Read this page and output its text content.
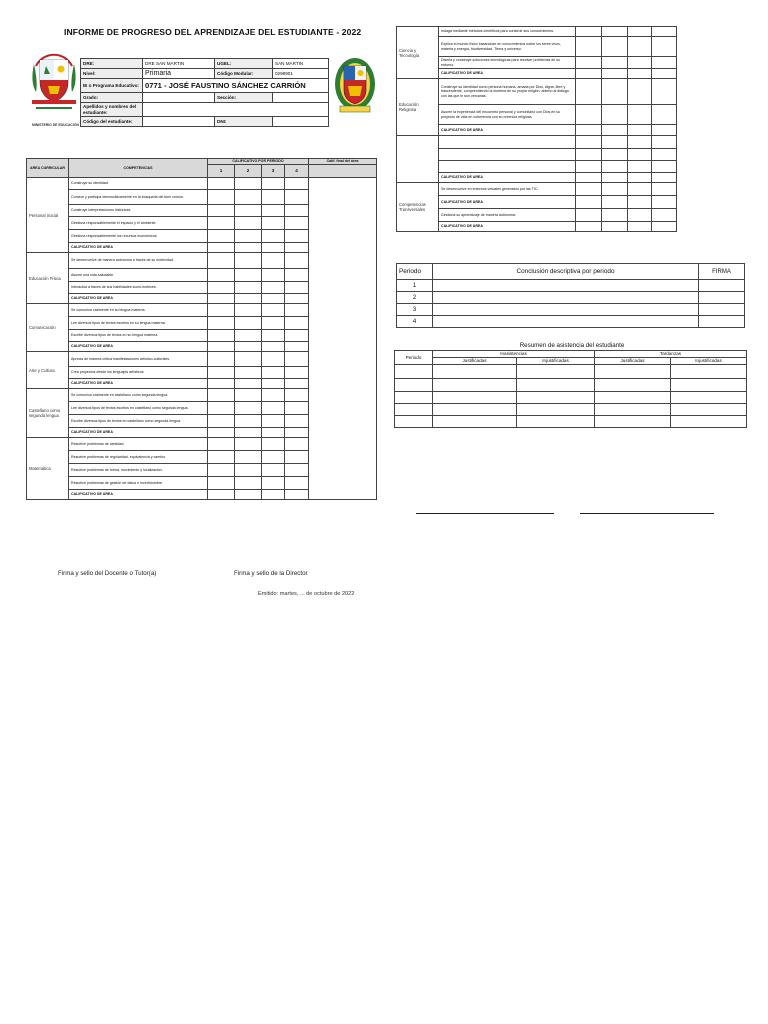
INFORME DE PROGRESO DEL APRENDIZAJE DEL ESTUDIANTE - 2022
MINISTERIO DE EDUCACIÓN
DRE:	DRE SAN MARTIN	UGEL:	SAN MARTIN
Nivel:	Primaria	Código Modular:	0298901
IE o Programa Educativo:	0771 - JOSÉ FAUSTINO SÁNCHEZ CARRIÓN		
Grado:		Sección:	
Apellidos y nombres del estudiante:			
Código del estudiante:		DNI:	
AREA CURRICULAR	COMPETENCIAS	CALIFICATIVO POR PERIODO				Calif. final del área
		1	2	3	4	
Personal Social	Construye su identidad.					
	Convive y participa democráticamente en la búsqueda del bien común.					
	Construye interpretaciones históricas.					
	Gestiona responsablemente el espacio y el ambiente.					
	Gestiona responsablemente los recursos económicos.					
	CALIFICATIVO DE AREA					
Educación Física	Se desenvuelve de manera autónoma a través de su motricidad.					
	Asume una vida saludable.					
	Interactúa a través de sus habilidades socio-motrices.					
	CALIFICATIVO DE AREA					
Comunicación	Se comunica oralmente en su lengua materna.					
	Lee diversos tipos de textos escritos en su lengua materna.					
	Escribe diversos tipos de textos en su lengua materna.					
	CALIFICATIVO DE AREA					
Arte y Cultura	Aprecia de manera crítica manifestaciones artístico-culturales.					
	Crea proyectos desde los lenguajes artísticos.					
	CALIFICATIVO DE AREA					
Castellano como segunda lengua	Se comunica oralmente en castellano como segunda lengua.					
	Lee diversos tipos de textos escritos en castellano como segunda lengua.					
	Escribe diversos tipos de textos en castellano como segunda lengua.					
	CALIFICATIVO DE AREA					
Matemática	Resuelve problemas de cantidad.					
	Resuelve problemas de regularidad, equivalencia y cambio.					
	Resuelve problemas de forma, movimiento y localización.					
	Resuelve problemas de gestión de datos e incertidumbre.					
	CALIFICATIVO DE AREA					
Ciencia y Tecnología	Indaga mediante métodos científicos para construir sus conocimientos.				
	Explica el mundo físico basándose en conocimientos sobre los seres vivos, materia y energía, biodiversidad, Tierra y universo.				
	Diseña y construye soluciones tecnológicas para resolver problemas de su entorno.				
	CALIFICATIVO DE AREA				
Educación Religiosa	Construye su identidad como persona humana, amada por Dios, digna, libre y trascendente, comprendiendo la doctrina de su propia religión, abierto al diálogo con las que le son cercanas.				
	Asume la experiencia del encuentro personal y comunitario con Dios en su proyecto de vida en coherencia con su creencia religiosa.				
	CALIFICATIVO DE AREA				

	CALIFICATIVO DE AREA				
Competencias Transversales	Se desenvuelve en entornos virtuales generados por las TIC.				
	CALIFICATIVO DE AREA				
	Gestiona su aprendizaje de manera autónoma.				
	CALIFICATIVO DE AREA				
Periodo	Conclusión descriptiva por periodo	FIRMA
1		
2		
3		
4		
Resumen de asistencia del estudiante
Periodo	Inasistencias		Tardanzas	
	Justificadas	Injustificadas	Justificadas	Injustificadas

Firma y sello del Docente o Tutor(a)	Firma y sello de la Director
Emitido: martes, ... de octubre de 2022
